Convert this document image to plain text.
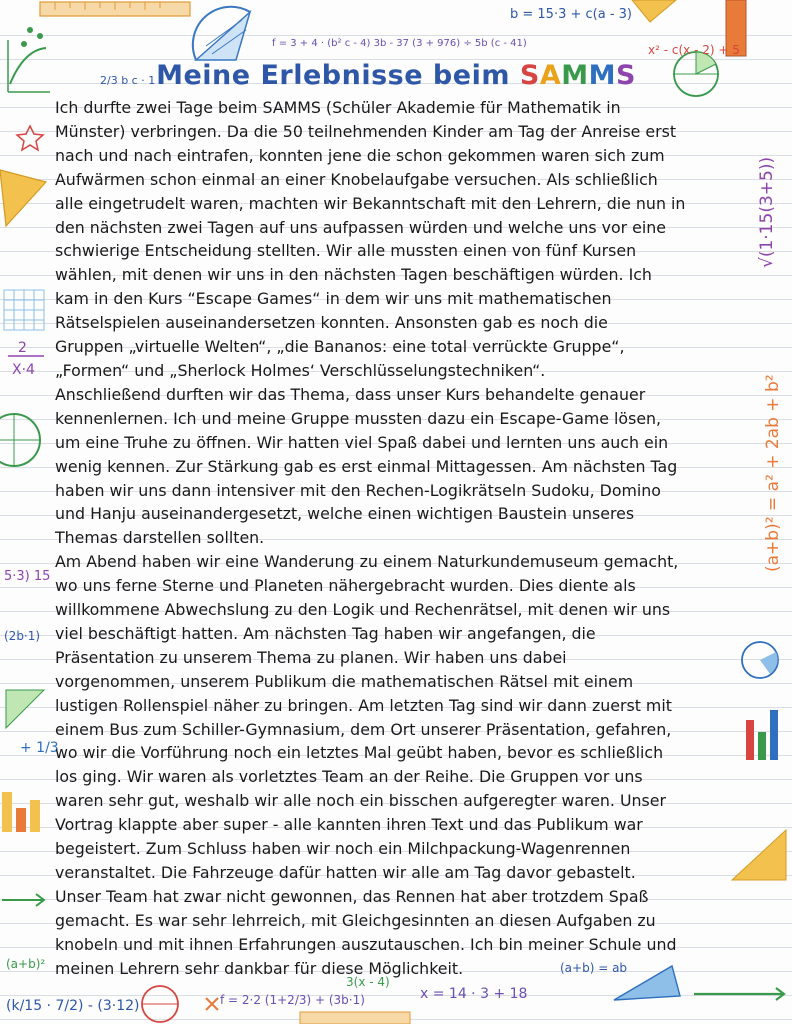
b = 15·3 + c(a - 3)
f = 3 + 4 · (b² c - 4) 3b - 37 (3 + 976) ÷ 5b (c - 41)	x² - c(x - 2) + 5
2/3 b c · 1
2
X·4
5·3) 15
+ 1/3
(2b·1)
√(1·15(3+5))
(a+b)² = a² + 2ab + b²
(k/15 · 7/2) - (3·12)	f = 2·2 (1+2/3) + (3b·1)	x = 14 · 3 + 18
(a+b) = ab
3(x - 4)
(a+b)²
Meine Erlebnisse beim SAMMS

Ich durfte zwei Tage beim SAMMS (Schüler Akademie für Mathematik in

Münster) verbringen. Da die 50 teilnehmenden Kinder am Tag der Anreise erst

nach und nach eintrafen, konnten jene die schon gekommen waren sich zum

Aufwärmen schon einmal an einer Knobelaufgabe versuchen. Als schließlich

alle eingetrudelt waren, machten wir Bekanntschaft mit den Lehrern, die nun in

den nächsten zwei Tagen auf uns aufpassen würden und welche uns vor eine

schwierige Entscheidung stellten. Wir alle mussten einen von fünf Kursen

wählen, mit denen wir uns in den nächsten Tagen beschäftigen würden. Ich

kam in den Kurs “Escape Games“ in dem wir uns mit mathematischen

Rätselspielen auseinandersetzen konnten. Ansonsten gab es noch die

Gruppen „virtuelle Welten“, „die Bananos: eine total verrückte Gruppe“,

„Formen“ und „Sherlock Holmes‘ Verschlüsselungstechniken“.

Anschließend durften wir das Thema, dass unser Kurs behandelte genauer

kennenlernen. Ich und meine Gruppe mussten dazu ein Escape-Game lösen,

um eine Truhe zu öffnen. Wir hatten viel Spaß dabei und lernten uns auch ein

wenig kennen. Zur Stärkung gab es erst einmal Mittagessen. Am nächsten Tag

haben wir uns dann intensiver mit den Rechen-Logikrätseln Sudoku, Domino

und Hanju auseinandergesetzt, welche einen wichtigen Baustein unseres

Themas darstellen sollten.

Am Abend haben wir eine Wanderung zu einem Naturkundemuseum gemacht,

wo uns ferne Sterne und Planeten nähergebracht wurden. Dies diente als

willkommene Abwechslung zu den Logik und Rechenrätsel, mit denen wir uns

viel beschäftigt hatten. Am nächsten Tag haben wir angefangen, die

Präsentation zu unserem Thema zu planen. Wir haben uns dabei

vorgenommen, unserem Publikum die mathematischen Rätsel mit einem

lustigen Rollenspiel näher zu bringen. Am letzten Tag sind wir dann zuerst mit

einem Bus zum Schiller-Gymnasium, dem Ort unserer Präsentation, gefahren,

wo wir die Vorführung noch ein letztes Mal geübt haben, bevor es schließlich

los ging. Wir waren als vorletztes Team an der Reihe. Die Gruppen vor uns

waren sehr gut, weshalb wir alle noch ein bisschen aufgeregter waren. Unser

Vortrag klappte aber super - alle kannten ihren Text und das Publikum war

begeistert. Zum Schluss haben wir noch ein Milchpackung-Wagenrennen

veranstaltet. Die Fahrzeuge dafür hatten wir alle am Tag davor gebastelt.

Unser Team hat zwar nicht gewonnen, das Rennen hat aber trotzdem Spaß

gemacht. Es war sehr lehrreich, mit Gleichgesinnten an diesen Aufgaben zu

knobeln und mit ihnen Erfahrungen auszutauschen. Ich bin meiner Schule und

meinen Lehrern sehr dankbar für diese Möglichkeit.
